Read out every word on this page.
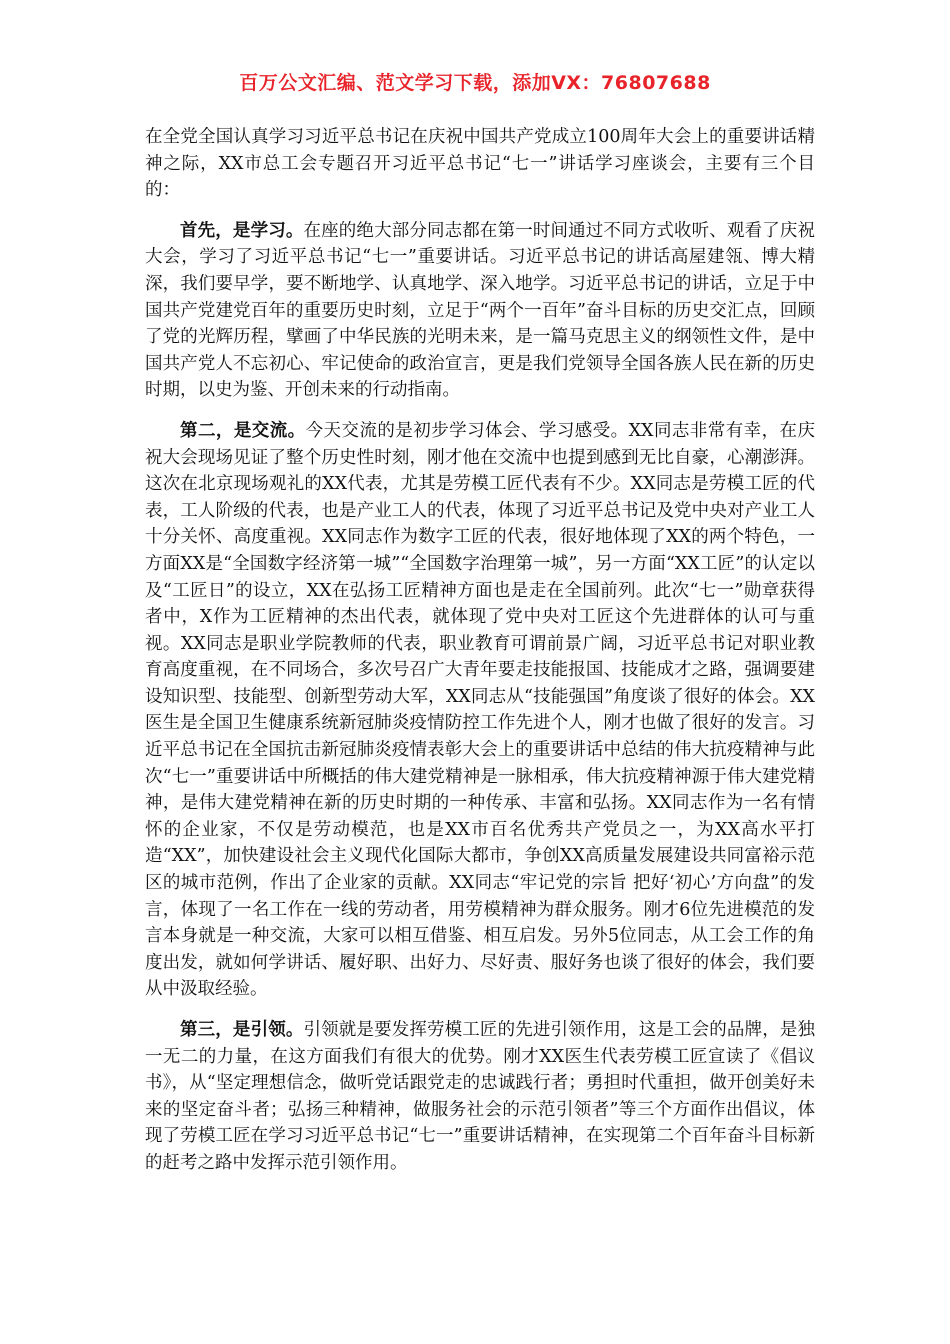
百万公文汇编、范文学习下载，添加VX：76807688

在全党全国认真学习习近平总书记在庆祝中国共产党成立100周年大会上的重要讲话精神之际，XX市总工会专题召开习近平总书记“七一”讲话学习座谈会，主要有三个目的：

首先，是学习。在座的绝大部分同志都在第一时间通过不同方式收听、观看了庆祝大会，学习了习近平总书记“七一”重要讲话。习近平总书记的讲话高屋建瓴、博大精深，我们要早学，要不断地学、认真地学、深入地学。习近平总书记的讲话，立足于中国共产党建党百年的重要历史时刻，立足于“两个一百年”奋斗目标的历史交汇点，回顾了党的光辉历程，擘画了中华民族的光明未来，是一篇马克思主义的纲领性文件，是中国共产党人不忘初心、牢记使命的政治宣言，更是我们党领导全国各族人民在新的历史时期，以史为鉴、开创未来的行动指南。

第二，是交流。今天交流的是初步学习体会、学习感受。XX同志非常有幸，在庆祝大会现场见证了整个历史性时刻，刚才他在交流中也提到感到无比自豪，心潮澎湃。这次在北京现场观礼的XX代表，尤其是劳模工匠代表有不少。XX同志是劳模工匠的代表，工人阶级的代表，也是产业工人的代表，体现了习近平总书记及党中央对产业工人十分关怀、高度重视。XX同志作为数字工匠的代表，很好地体现了XX的两个特色，一方面XX是“全国数字经济第一城”“全国数字治理第一城”，另一方面“XX工匠”的认定以及“工匠日”的设立，XX在弘扬工匠精神方面也是走在全国前列。此次“七一”勋章获得者中，X作为工匠精神的杰出代表，就体现了党中央对工匠这个先进群体的认可与重视。XX同志是职业学院教师的代表，职业教育可谓前景广阔，习近平总书记对职业教育高度重视，在不同场合，多次号召广大青年要走技能报国、技能成才之路，强调要建设知识型、技能型、创新型劳动大军，XX同志从“技能强国”角度谈了很好的体会。XX医生是全国卫生健康系统新冠肺炎疫情防控工作先进个人，刚才也做了很好的发言。习近平总书记在全国抗击新冠肺炎疫情表彰大会上的重要讲话中总结的伟大抗疫精神与此次“七一”重要讲话中所概括的伟大建党精神是一脉相承，伟大抗疫精神源于伟大建党精神，是伟大建党精神在新的历史时期的一种传承、丰富和弘扬。XX同志作为一名有情怀的企业家，不仅是劳动模范，也是XX市百名优秀共产党员之一，为XX高水平打造“XX”，加快建设社会主义现代化国际大都市，争创XX高质量发展建设共同富裕示范区的城市范例，作出了企业家的贡献。XX同志“牢记党的宗旨 把好‘初心’方向盘”的发言，体现了一名工作在一线的劳动者，用劳模精神为群众服务。刚才6位先进模范的发言本身就是一种交流，大家可以相互借鉴、相互启发。另外5位同志，从工会工作的角度出发，就如何学讲话、履好职、出好力、尽好责、服好务也谈了很好的体会，我们要从中汲取经验。

第三，是引领。引领就是要发挥劳模工匠的先进引领作用，这是工会的品牌，是独一无二的力量，在这方面我们有很大的优势。刚才XX医生代表劳模工匠宣读了《倡议书》，从“坚定理想信念，做听党话跟党走的忠诚践行者；勇担时代重担，做开创美好未来的坚定奋斗者；弘扬三种精神，做服务社会的示范引领者”等三个方面作出倡议，体现了劳模工匠在学习习近平总书记“七一”重要讲话精神，在实现第二个百年奋斗目标新的赶考之路中发挥示范引领作用。
